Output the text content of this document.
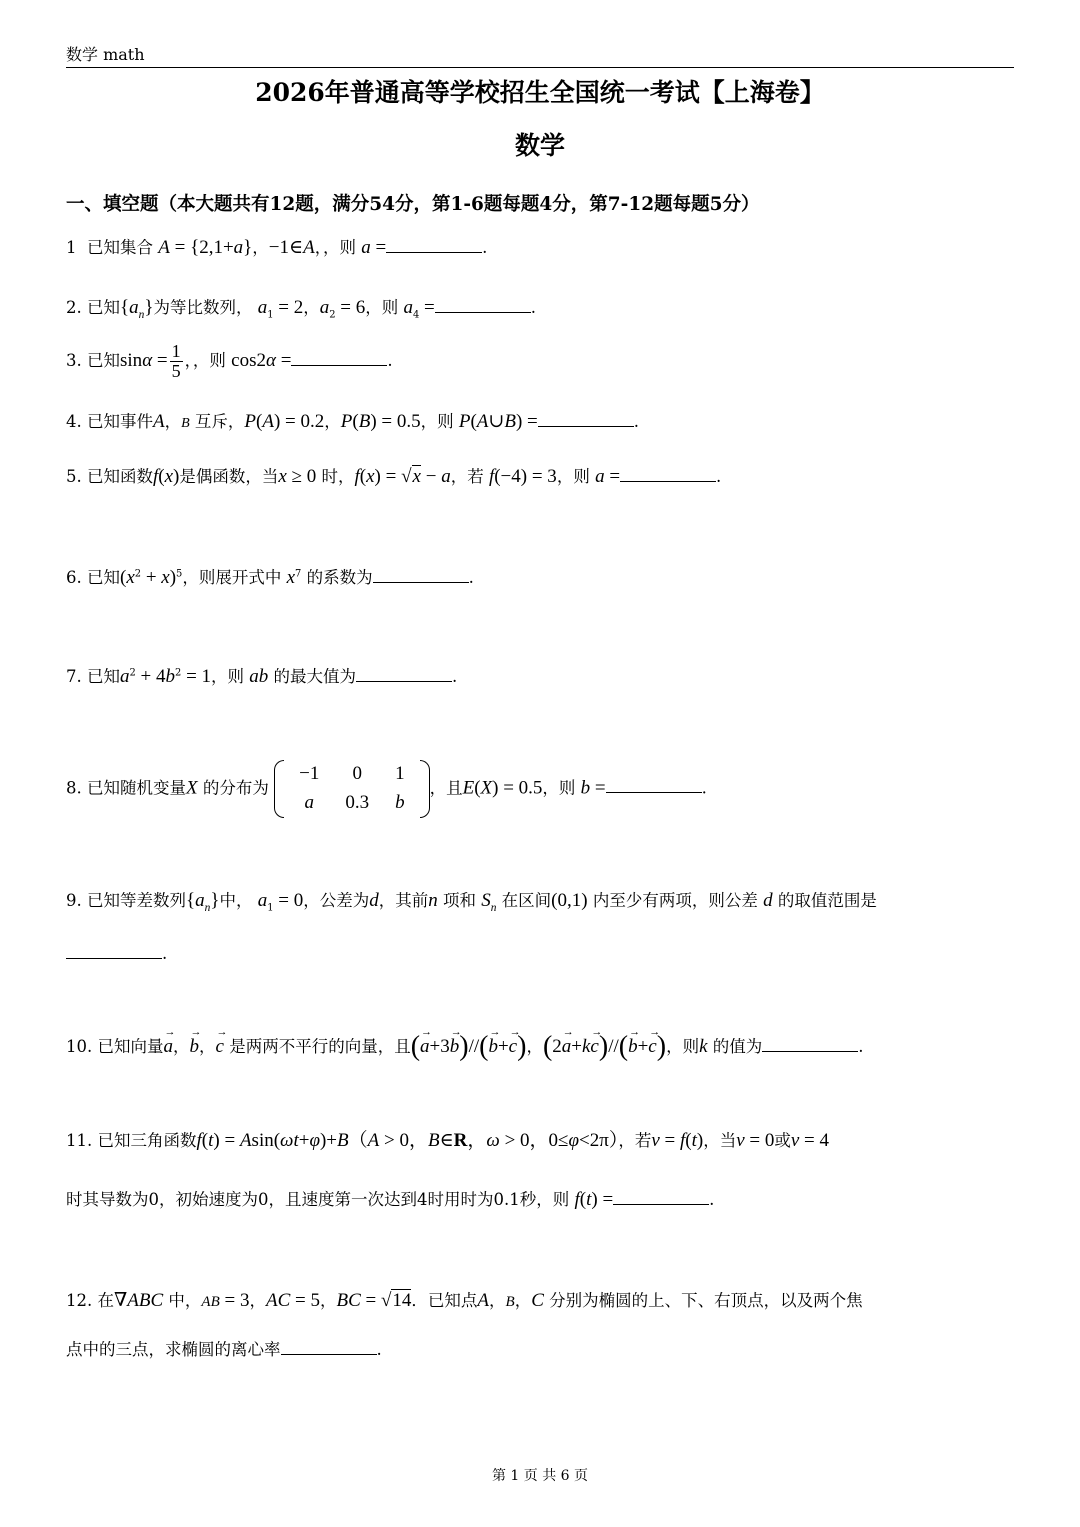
数学 math
2026年普通高等学校招生全国统一考试【上海卷】
数学
一、填空题（本大题共有12题，满分54分，第1-6题每题4分，第7-12题每题5分）
1 已知集合 A = {2,1+a}，−1∈A，，则 a =	.
2. 已知$\{a_n\}$为等比数列， $a_1 = 2$，$a_2 = 6$，则 $a_4$ =	.
3. 已知$\sin\alpha = \frac{1}{5}$ ，，则 cos2α =	.
4. 已知事件A，B 互斥，P(A) = 0.2，P(B) = 0.5，则 P(A∪B) =	.
5. 已知函数f(x)是偶函数，当x ≥ 0 时，f(x) = √x − a，若 f(−4) = 3，则 a =	.
6. 已知$(x^2 + x)^5$，则展开式中 $x^7$ 的系数为	.
7. 已知$a^2 + 4b^2 = 1$，则 ab 的最大值为	.
8. 已知随机变量X 的分布为
−1	0	1
a	0.3	b
，且E(X) = 0.5，则 b =	.
9. 已知等差数列$\{a_n\}$中， $a_1 = 0$，公差为d，其前n 项和 $S_n$ 在区间(0,1) 内至少有两项，则公差 d 的取值范围是
.
10. 已知向量→ a，→ b，→ c 是两两不平行的向量，且(→ a+3→ b)//(→ b+→ c)，(2→ a+k→ c)//(→ b+→ c)，则k 的值为	.
11. 已知三角函数f(t) = Asin(ωt+φ)+B（A > 0，B∈R，ω > 0，0≤φ<2π），若v = f(t)，当v = 0或v = 4
时其导数为0，初始速度为0，且速度第一次达到4时用时为0.1秒，则 f(t) =	.
12. 在∇ABC 中，AB = 3，AC = 5，BC = √14．已知点A，B，C 分别为椭圆的上、下、右顶点，以及两个焦
点中的三点，求椭圆的离心率	.
第 1 页 共 6 页
